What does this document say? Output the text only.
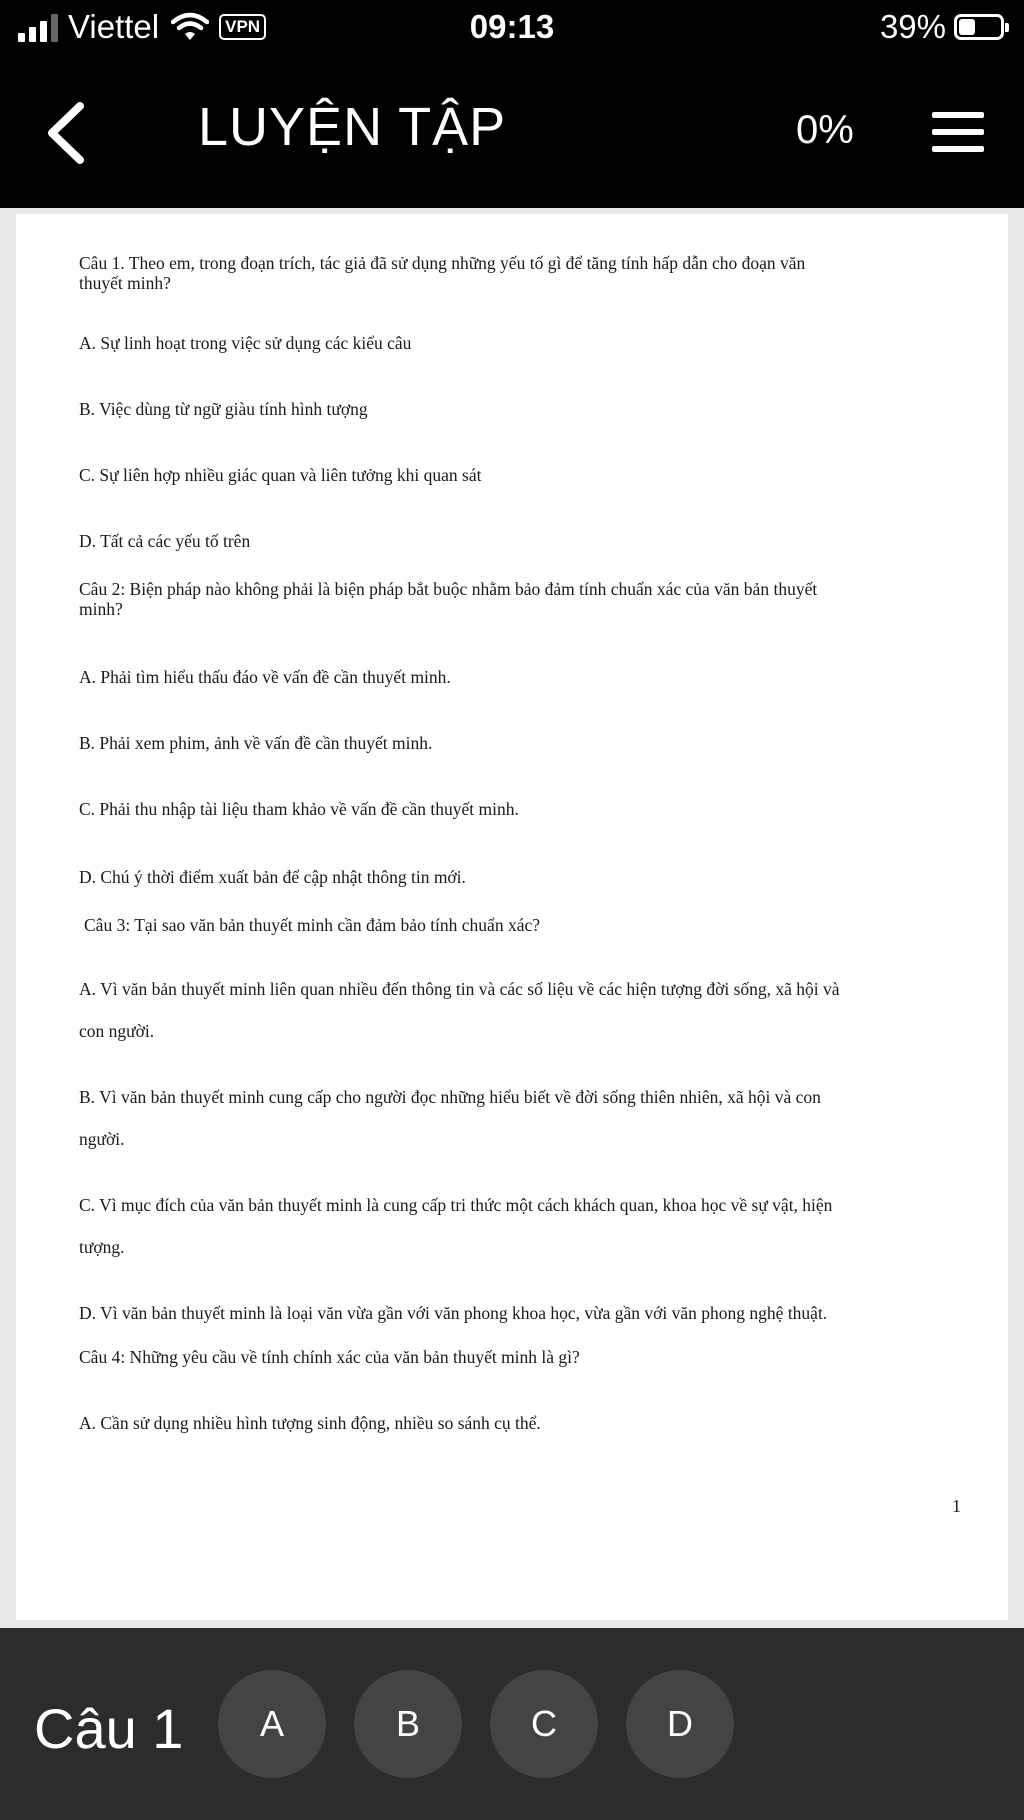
Viettel	VPN	09:13	39%
LUYỆN TẬP	0%
Câu 1. Theo em, trong đoạn trích, tác giả đã sử dụng những yếu tố gì để tăng tính hấp dẫn cho đoạn văn
thuyết minh?
A. Sự linh hoạt trong việc sử dụng các kiểu câu
B. Việc dùng từ ngữ giàu tính hình tượng
C. Sự liên hợp nhiều giác quan và liên tưởng khi quan sát
D. Tất cả các yếu tố trên
Câu 2: Biện pháp nào không phải là biện pháp bắt buộc nhằm bảo đảm tính chuẩn xác của văn bản thuyết
minh?
A. Phải tìm hiểu thấu đáo về vấn đề cần thuyết minh.
B. Phải xem phim, ảnh về vấn đề cần thuyết minh.
C. Phải thu nhập tài liệu tham khảo về vấn đề cần thuyết minh.
D. Chú ý thời điểm xuất bản để cập nhật thông tin mới.
Câu 3: Tại sao văn bản thuyết minh cần đảm bảo tính chuẩn xác?
A. Vì văn bản thuyết minh liên quan nhiều đến thông tin và các số liệu về các hiện tượng đời sống, xã hội và
con người.
B. Vì văn bản thuyết minh cung cấp cho người đọc những hiểu biết về đời sống thiên nhiên, xã hội và con
người.
C. Vì mục đích của văn bản thuyết minh là cung cấp tri thức một cách khách quan, khoa học về sự vật, hiện
tượng.
D. Vì văn bản thuyết minh là loại văn vừa gần với văn phong khoa học, vừa gần với văn phong nghệ thuật.
Câu 4: Những yêu cầu về tính chính xác của văn bản thuyết minh là gì?
A. Cần sử dụng nhiều hình tượng sinh động, nhiều so sánh cụ thể.
1
Câu 1	A	B	C	D
